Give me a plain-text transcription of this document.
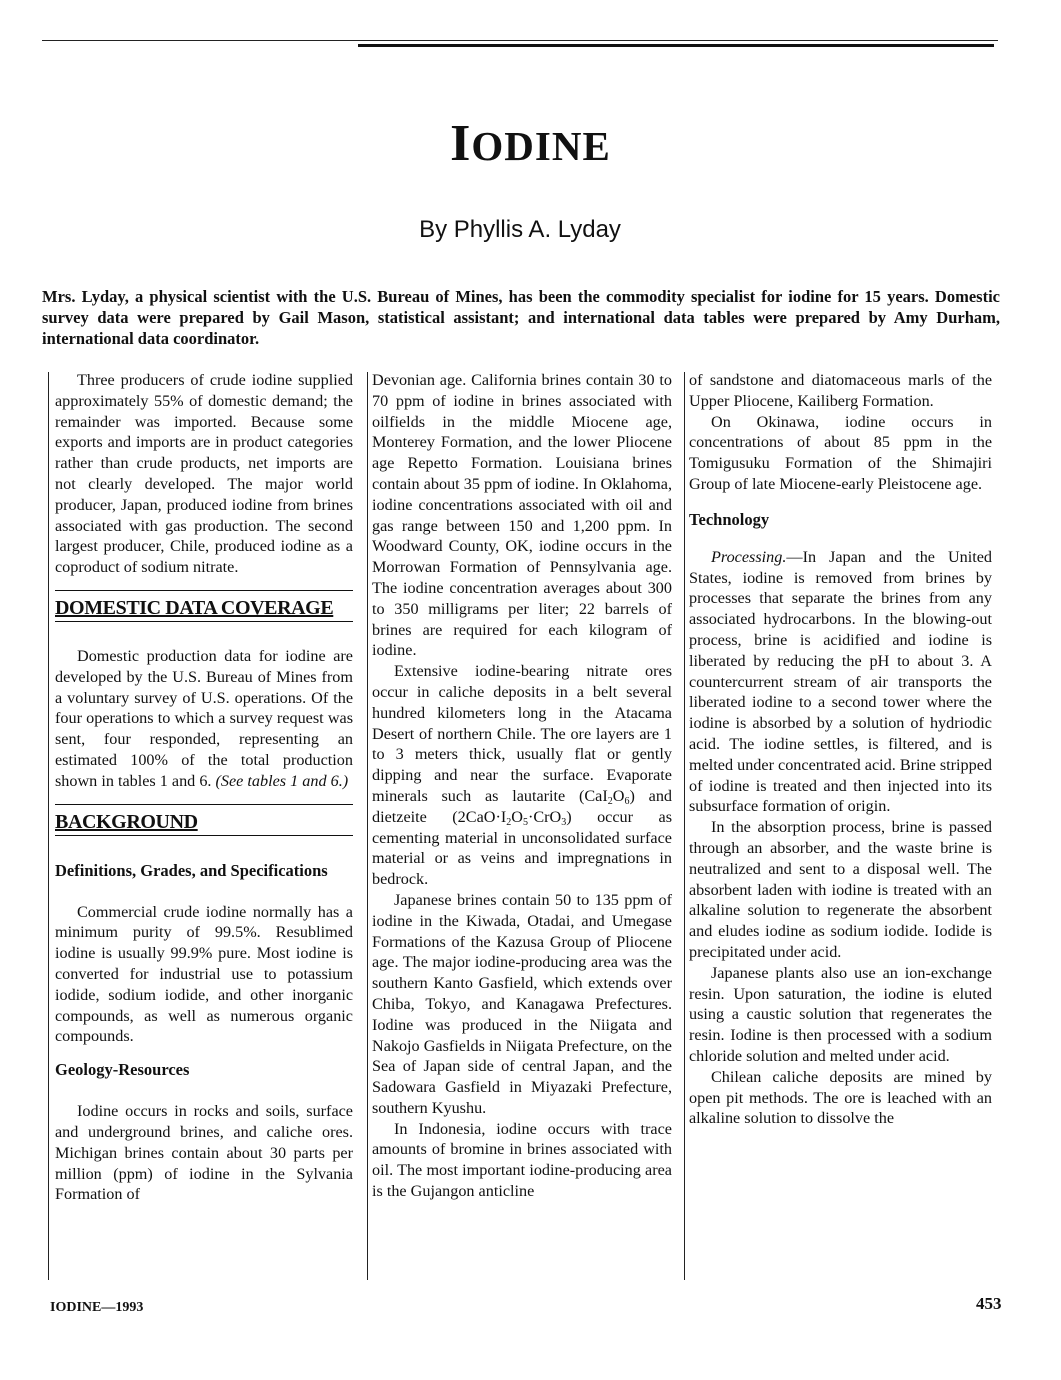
IODINE
By Phyllis A. Lyday
Mrs. Lyday, a physical scientist with the U.S. Bureau of Mines, has been the commodity specialist for iodine for 15 years. Domestic survey data were prepared by Gail Mason, statistical assistant; and international data tables were prepared by Amy Durham, international data coordinator.

Three producers of crude iodine supplied approximately 55% of domestic demand; the remainder was imported. Because some exports and imports are in product categories rather than crude products, net imports are not clearly developed. The major world producer, Japan, produced iodine from brines associated with gas production. The second largest producer, Chile, produced iodine as a coproduct of sodium nitrate.

DOMESTIC DATA COVERAGE

Domestic production data for iodine are developed by the U.S. Bureau of Mines from a voluntary survey of U.S. operations. Of the four operations to which a survey request was sent, four responded, representing an estimated 100% of the total production shown in tables 1 and 6. (See tables 1 and 6.)

BACKGROUND
Definitions, Grades, and Specifications

Commercial crude iodine normally has a minimum purity of 99.5%. Resublimed iodine is usually 99.9% pure. Most iodine is converted for industrial use to potassium iodide, sodium iodide, and other inorganic compounds, as well as numerous organic compounds.

Geology-Resources

Iodine occurs in rocks and soils, surface and underground brines, and caliche ores. Michigan brines contain about 30 parts per million (ppm) of iodine in the Sylvania Formation of

Devonian age. California brines contain 30 to 70 ppm of iodine in brines associated with oilfields in the middle Miocene age, Monterey Formation, and the lower Pliocene age Repetto Formation. Louisiana brines contain about 35 ppm of iodine. In Oklahoma, iodine concentrations associated with oil and gas range between 150 and 1,200 ppm. In Woodward County, OK, iodine occurs in the Morrowan Formation of Pennsylvania age. The iodine concentration averages about 300 to 350 milligrams per liter; 22 barrels of brines are required for each kilogram of iodine.

Extensive iodine-bearing nitrate ores occur in caliche deposits in a belt several hundred kilometers long in the Atacama Desert of northern Chile. The ore layers are 1 to 3 meters thick, usually flat or gently dipping and near the surface. Evaporate minerals such as lautarite $(CaI_2O_6)$ and dietzeite $(2CaO\cdot I_2O_5\cdot CrO_3)$ occur as cementing material in unconsolidated surface material or as veins and impregnations in bedrock.

Japanese brines contain 50 to 135 ppm of iodine in the Kiwada, Otadai, and Umegase Formations of the Kazusa Group of Pliocene age. The major iodine-producing area was the southern Kanto Gasfield, which extends over Chiba, Tokyo, and Kanagawa Prefectures. Iodine was produced in the Niigata and Nakojo Gasfields in Niigata Prefecture, on the Sea of Japan side of central Japan, and the Sadowara Gasfield in Miyazaki Prefecture, southern Kyushu.

In Indonesia, iodine occurs with trace amounts of bromine in brines associated with oil. The most important iodine-producing area is the Gujangon anticline

of sandstone and diatomaceous marls of the Upper Pliocene, Kailiberg Formation.

On Okinawa, iodine occurs in concentrations of about 85 ppm in the Tomigusuku Formation of the Shimajiri Group of late Miocene-early Pleistocene age.

Technology

Processing.—In Japan and the United States, iodine is removed from brines by processes that separate the brines from any associated hydrocarbons. In the blowing-out process, brine is acidified and iodine is liberated by reducing the pH to about 3. A countercurrent stream of air transports the liberated iodine to a second tower where the iodine is absorbed by a solution of hydriodic acid. The iodine settles, is filtered, and is melted under concentrated acid. Brine stripped of iodine is treated and then injected into its subsurface formation of origin.

In the absorption process, brine is passed through an absorber, and the waste brine is neutralized and sent to a disposal well. The absorbent laden with iodine is treated with an alkaline solution to regenerate the absorbent and eludes iodine as sodium iodide. Iodide is precipitated under acid.

Japanese plants also use an ion-exchange resin. Upon saturation, the iodine is eluted using a caustic solution that regenerates the resin. Iodine is then processed with a sodium chloride solution and melted under acid.

Chilean caliche deposits are mined by open pit methods. The ore is leached with an alkaline solution to dissolve the

IODINE—1993	453
